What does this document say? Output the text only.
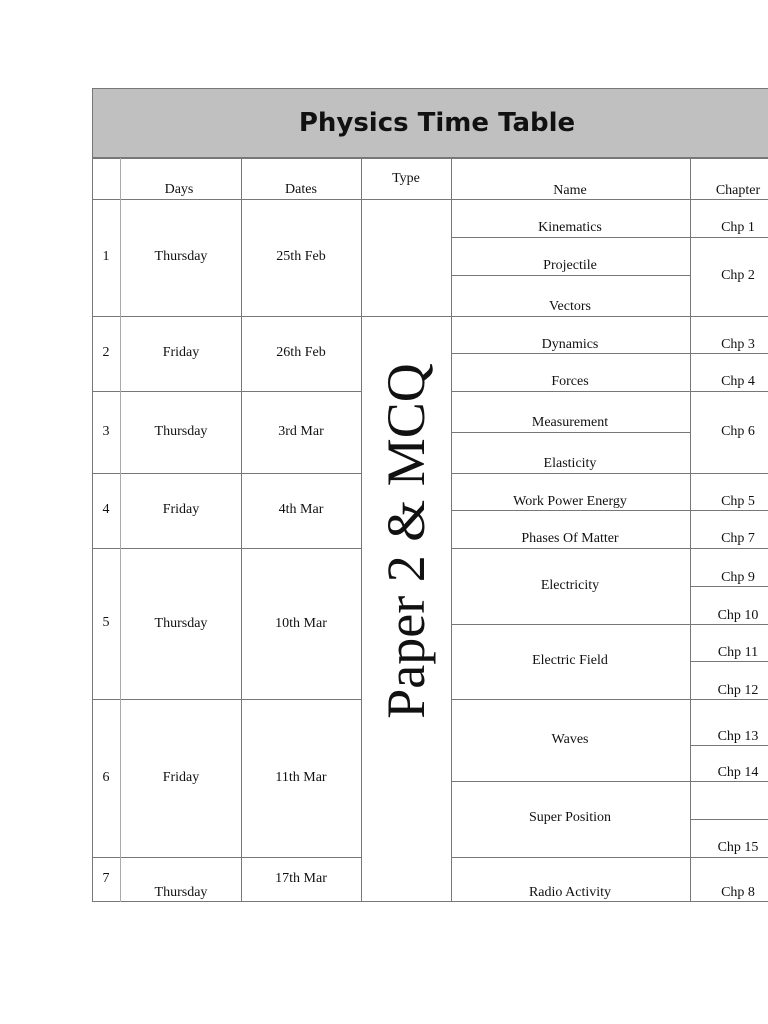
Physics Time Table
Days	Dates
Type
Name	Chapter
1
2
3
4
5
6
7
Thursday
Friday
Thursday
Friday
Thursday
Friday
Thursday
25th Feb
26th Feb
3rd Mar
4th Mar
10th Mar
11th Mar
17th Mar
Paper 2 & MCQ
Kinematics
Projectile
Vectors
Dynamics
Forces
Measurement
Elasticity
Work Power Energy
Phases Of Matter
Electricity
Electric Field
Waves
Super Position
Radio Activity
Chp 1
Chp 2
Chp 3
Chp 4
Chp 6
Chp 5
Chp 7
Chp 9
Chp 10
Chp 11
Chp 12
Chp 13
Chp 14
Chp 15
Chp 8
